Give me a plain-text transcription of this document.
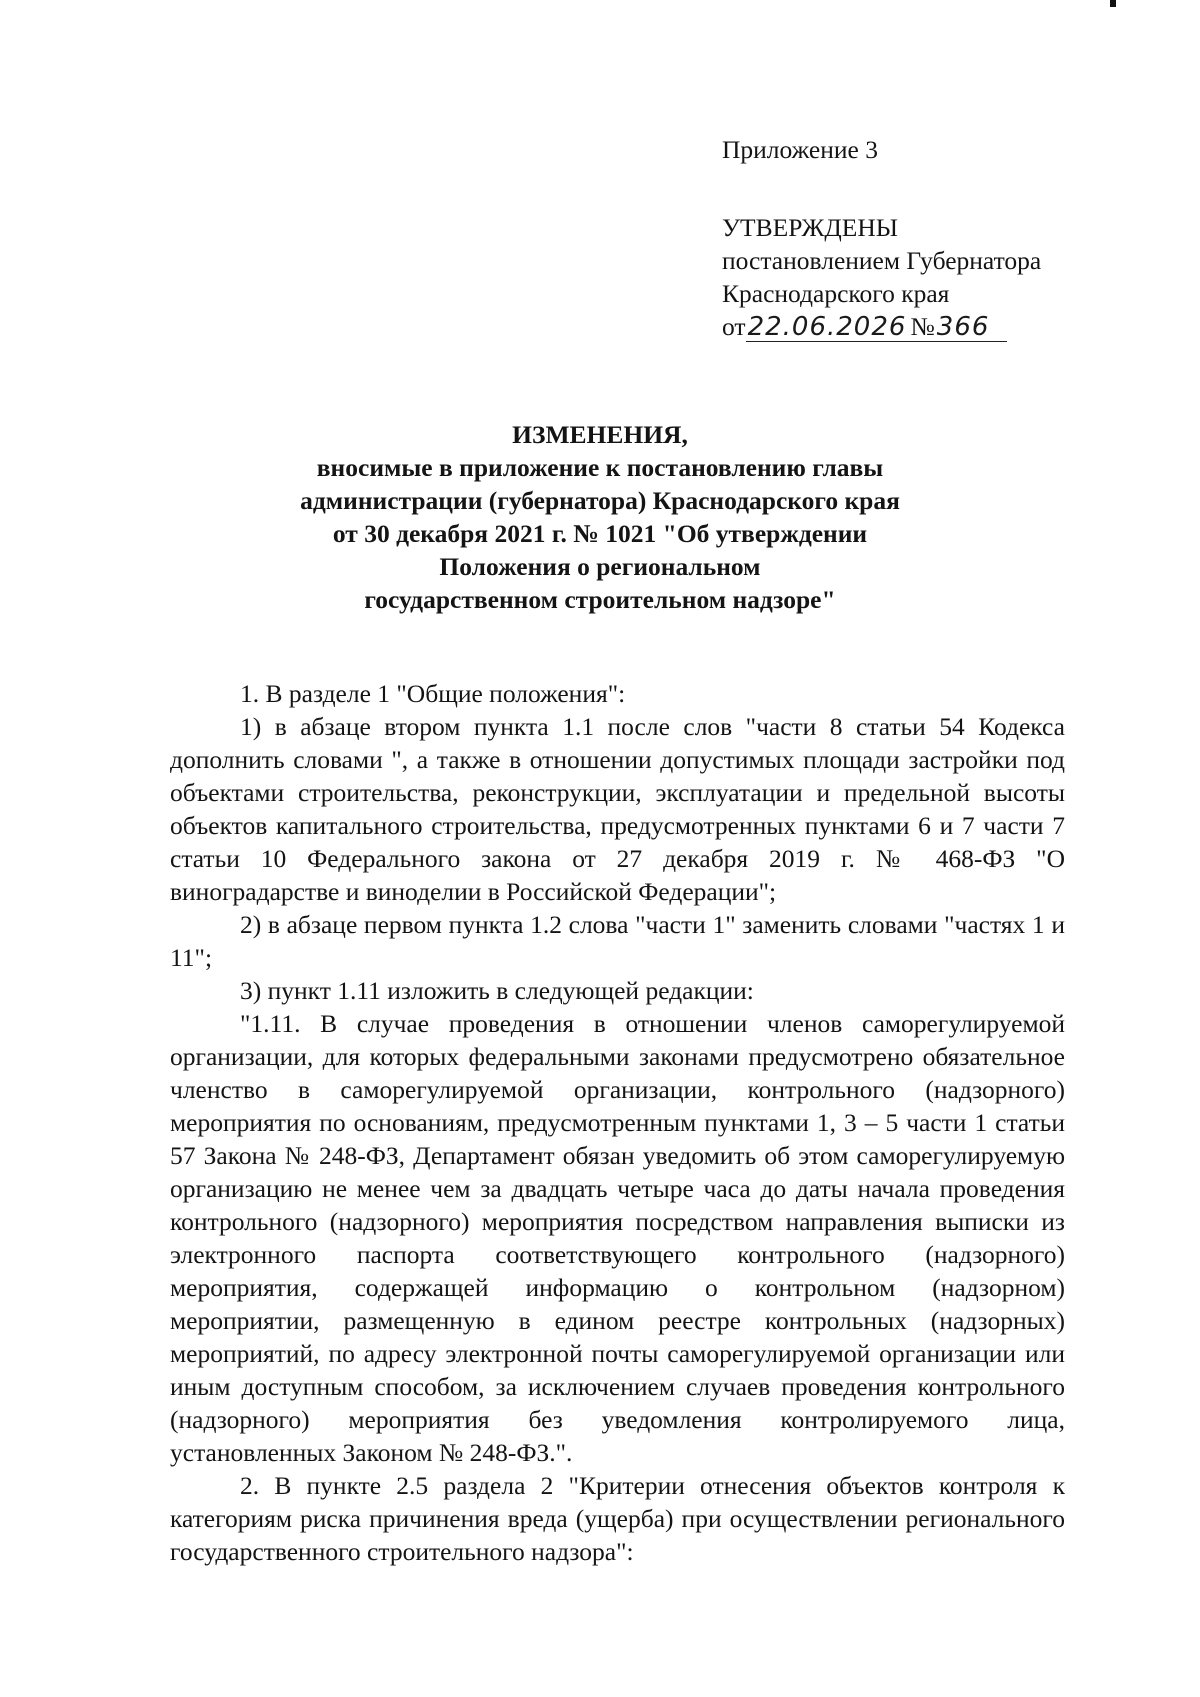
Приложение 3
УТВЕРЖДЕНЫ
постановлением Губернатора
Краснодарского края
от22.06.2026 №366
ИЗМЕНЕНИЯ,
вносимые в приложение к постановлению главы
администрации (губернатора) Краснодарского края
от 30 декабря 2021 г. № 1021 "Об утверждении
Положения о региональном
государственном строительном надзоре"

1. В разделе 1 "Общие положения":

1) в абзаце втором пункта 1.1 после слов "части 8 статьи 54 Кодекса дополнить словами ", а также в отношении допустимых площади застройки под объектами строительства, реконструкции, эксплуатации и предельной высоты объектов капитального строительства, предусмотренных пунктами 6 и 7 части 7 статьи 10 Федерального закона от 27 декабря 2019 г. № 468-ФЗ "О виноградарстве и виноделии в Российской Федерации";

2) в абзаце первом пункта 1.2 слова "части 1" заменить словами "частях 1 и 11";

3) пункт 1.11 изложить в следующей редакции:

"1.11. В случае проведения в отношении членов саморегулируемой организации, для которых федеральными законами предусмотрено обязательное членство в саморегулируемой организации, контрольного (надзорного) мероприятия по основаниям, предусмотренным пунктами 1, 3 – 5 части 1 статьи 57 Закона № 248-ФЗ, Департамент обязан уведомить об этом саморегулируемую организацию не менее чем за двадцать четыре часа до даты начала проведения контрольного (надзорного) мероприятия посредством направления выписки из электронного паспорта соответствующего контрольного (надзорного) мероприятия, содержащей информацию о контрольном (надзорном) мероприятии, размещенную в едином реестре контрольных (надзорных) мероприятий, по адресу электронной почты саморегулируемой организации или иным доступным способом, за исключением случаев проведения контрольного (надзорного) мероприятия без уведомления контролируемого лица, установленных Законом № 248-ФЗ.".

2. В пункте 2.5 раздела 2 "Критерии отнесения объектов контроля к категориям риска причинения вреда (ущерба) при осуществлении регионального государственного строительного надзора":
